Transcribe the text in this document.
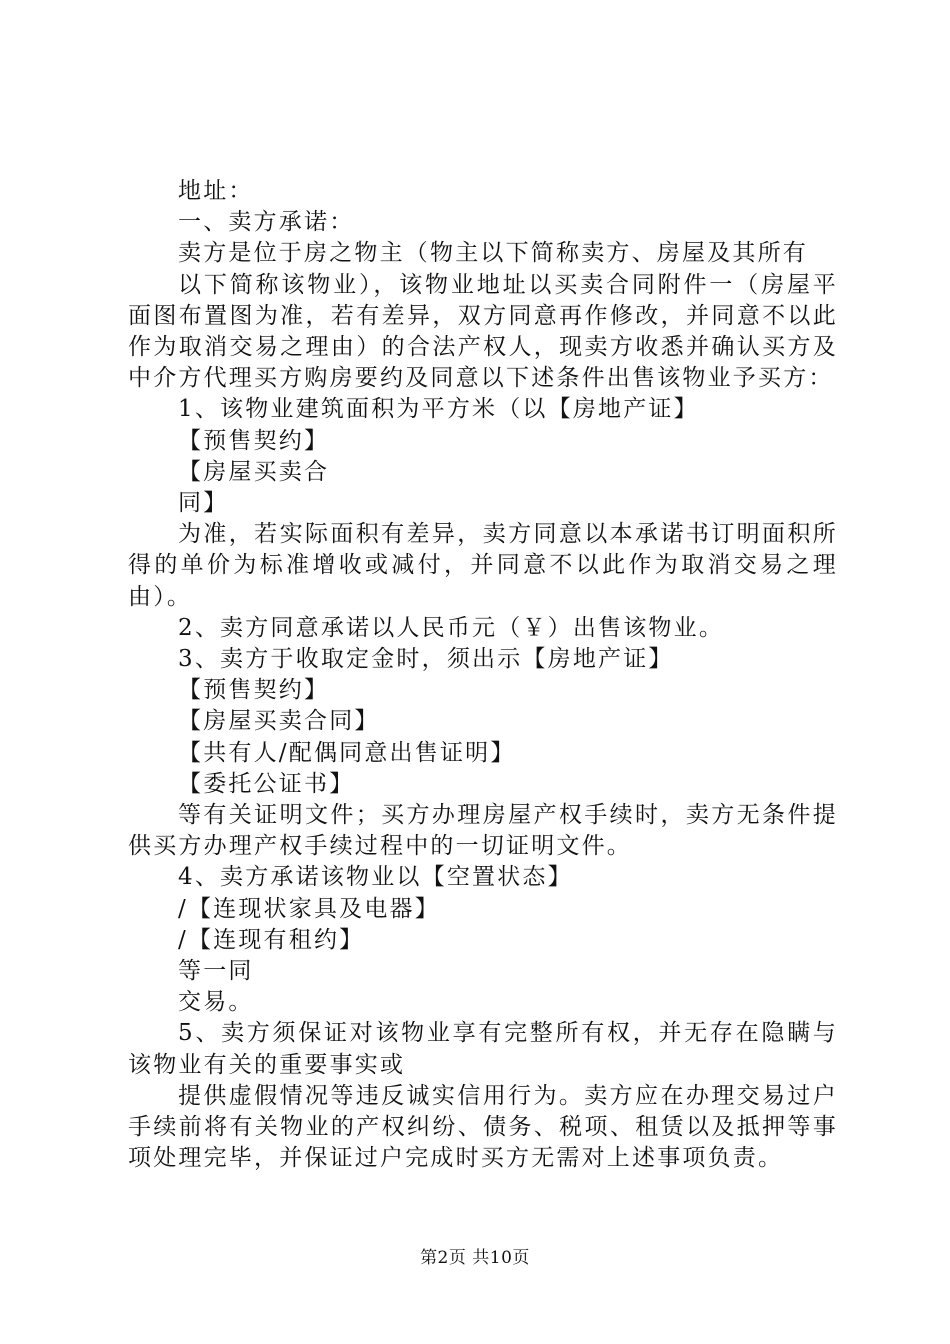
地址：

一、卖方承诺：

卖方是位于房之物主（物主以下简称卖方、房屋及其所有

以下简称该物业），该物业地址以买卖合同附件一（房屋平面图布置图为准，若有差异，双方同意再作修改，并同意不以此作为取消交易之理由）的合法产权人，现卖方收悉并确认买方及中介方代理买方购房要约及同意以下述条件出售该物业予买方：

1、该物业建筑面积为平方米（以【房地产证】

【预售契约】

【房屋买卖合

同】

为准，若实际面积有差异，卖方同意以本承诺书订明面积所得的单价为标准增收或减付，并同意不以此作为取消交易之理由）。

2、卖方同意承诺以人民币元（￥）出售该物业。

3、卖方于收取定金时，须出示【房地产证】

【预售契约】

【房屋买卖合同】

【共有人/配偶同意出售证明】

【委托公证书】

等有关证明文件；买方办理房屋产权手续时，卖方无条件提供买方办理产权手续过程中的一切证明文件。

4、卖方承诺该物业以【空置状态】

/【连现状家具及电器】

/【连现有租约】

等一同

交易。

5、卖方须保证对该物业享有完整所有权，并无存在隐瞒与该物业有关的重要事实或

提供虚假情况等违反诚实信用行为。卖方应在办理交易过户手续前将有关物业的产权纠纷、债务、税项、租赁以及抵押等事项处理完毕，并保证过户完成时买方无需对上述事项负责。

第2页 共10页
